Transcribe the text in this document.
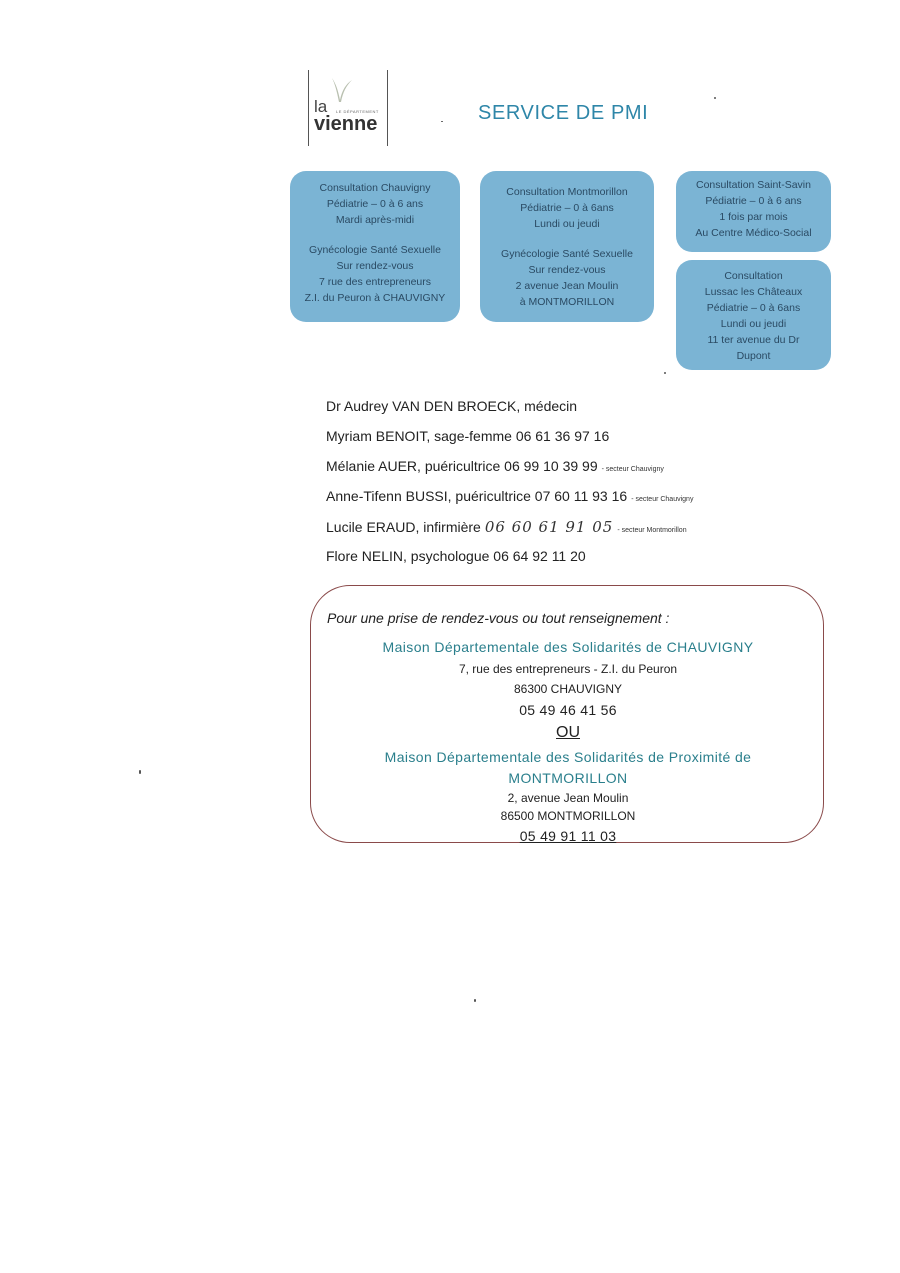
la LE DÉPARTEMENT
vienne	SERVICE DE PMI

Consultation Chauvigny

Pédiatrie – 0 à 6 ans

Mardi après-midi

Gynécologie Santé Sexuelle

Sur rendez-vous

7 rue des entrepreneurs

Z.I. du Peuron à CHAUVIGNY

Consultation Montmorillon

Pédiatrie – 0 à 6ans

Lundi ou jeudi

Gynécologie Santé Sexuelle

Sur rendez-vous

2 avenue Jean Moulin

à MONTMORILLON

Consultation Saint-Savin

Pédiatrie – 0 à 6 ans

1 fois par mois

Au Centre Médico-Social

Consultation

Lussac les Châteaux

Pédiatrie – 0 à 6ans

Lundi ou jeudi

11 ter avenue du Dr

Dupont

Dr Audrey VAN DEN BROECK, médecin
Myriam BENOIT, sage-femme 06 61 36 97 16
Mélanie AUER, puéricultrice 06 99 10 39 99 - secteur Chauvigny
Anne-Tifenn BUSSI, puéricultrice 07 60 11 93 16 - secteur Chauvigny
Lucile ERAUD, infirmière 06 60 61 91 05 - secteur Montmorillon
Flore NELIN, psychologue 06 64 92 11 20
Pour une prise de rendez-vous ou tout renseignement :
Maison Départementale des Solidarités de CHAUVIGNY
7, rue des entrepreneurs - Z.I. du Peuron
86300 CHAUVIGNY
05 49 46 41 56
OU
Maison Départementale des Solidarités de Proximité de
MONTMORILLON
2, avenue Jean Moulin
86500 MONTMORILLON
05 49 91 11 03
